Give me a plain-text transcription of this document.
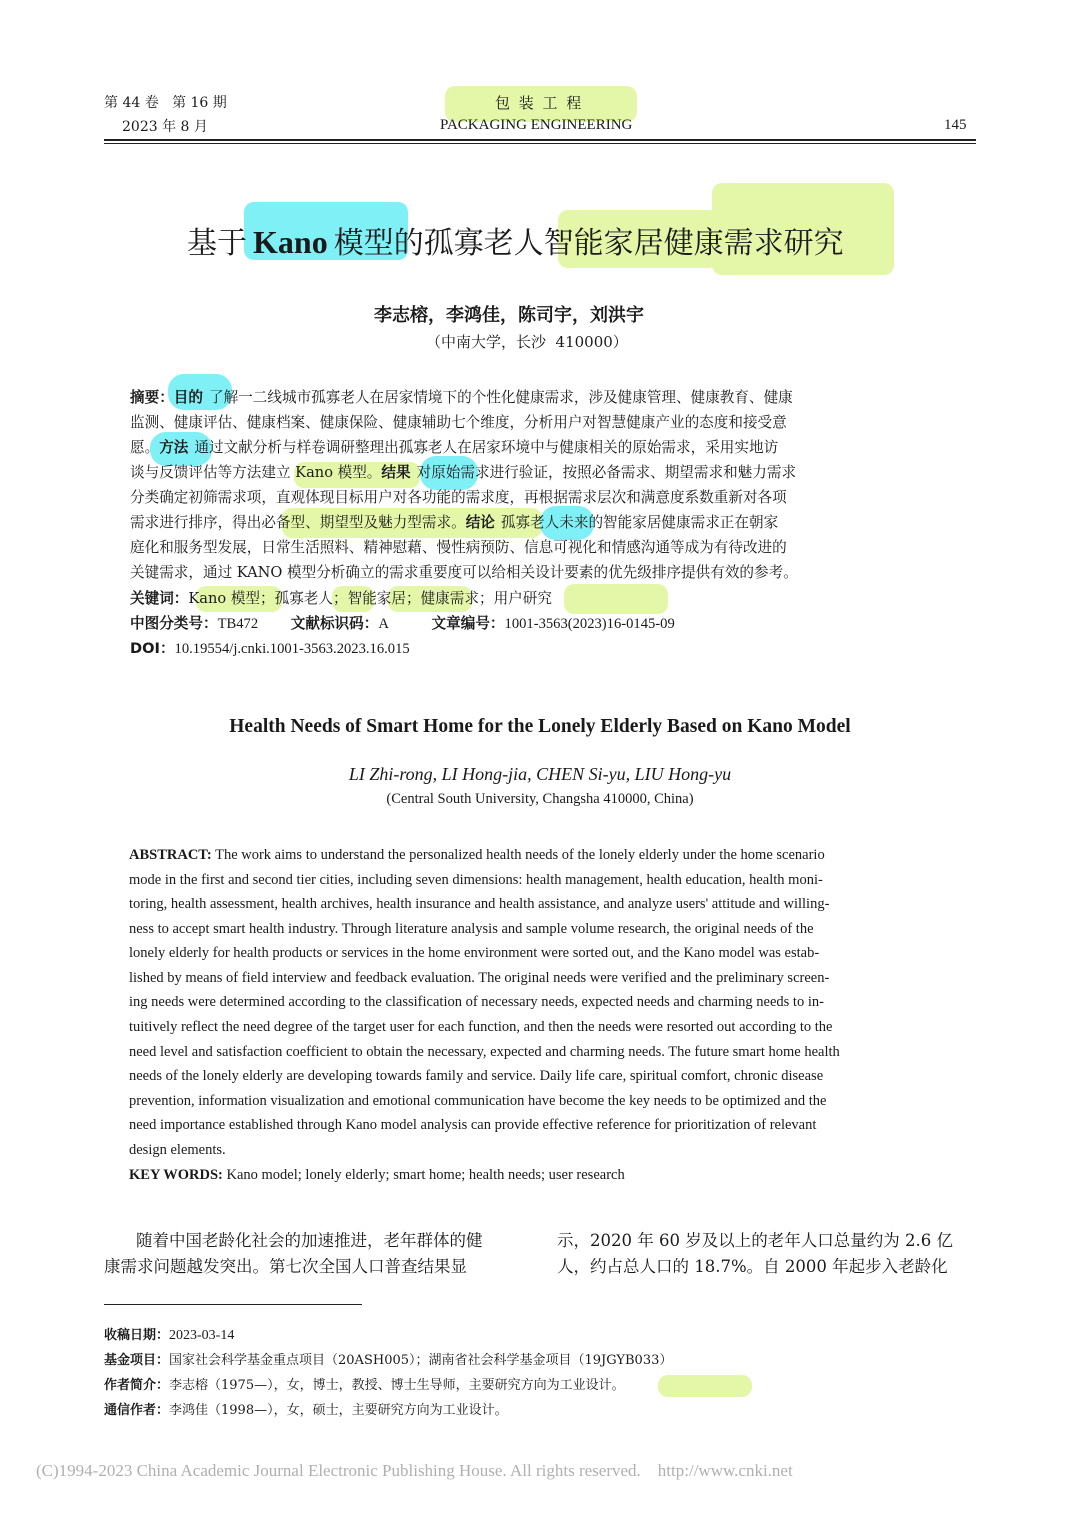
第 44 卷   第 16 期
2023 年 8 月
包 装 工 程
PACKAGING ENGINEERING	145
基于 Kano 模型的孤寡老人智能家居健康需求研究
李志榕，李鸿佳，陈司宇，刘洪宇
（中南大学，长沙  410000）
摘要：目的 了解一二线城市孤寡老人在居家情境下的个性化健康需求，涉及健康管理、健康教育、健康
监测、健康评估、健康档案、健康保险、健康辅助七个维度，分析用户对智慧健康产业的态度和接受意
愿。方法 通过文献分析与样卷调研整理出孤寡老人在居家环境中与健康相关的原始需求，采用实地访
谈与反馈评估等方法建立 Kano 模型。结果 对原始需求进行验证，按照必备需求、期望需求和魅力需求
分类确定初筛需求项，直观体现目标用户对各功能的需求度，再根据需求层次和满意度系数重新对各项
需求进行排序，得出必备型、期望型及魅力型需求。结论 孤寡老人未来的智能家居健康需求正在朝家
庭化和服务型发展，日常生活照料、精神慰藉、慢性病预防、信息可视化和情感沟通等成为有待改进的
关键需求，通过 KANO 模型分析确立的需求重要度可以给相关设计要素的优先级排序提供有效的参考。
关键词：Kano 模型；孤寡老人；智能家居；健康需求；用户研究
中图分类号：TB472 文献标识码：A	文章编号：1001-3563(2023)16-0145-09
DOI：10.19554/j.cnki.1001-3563.2023.16.015
Health Needs of Smart Home for the Lonely Elderly Based on Kano Model
LI Zhi-rong, LI Hong-jia, CHEN Si-yu, LIU Hong-yu
(Central South University, Changsha 410000, China)
ABSTRACT: The work aims to understand the personalized health needs of the lonely elderly under the home scenario
mode in the first and second tier cities, including seven dimensions: health management, health education, health moni-
toring, health assessment, health archives, health insurance and health assistance, and analyze users' attitude and willing-
ness to accept smart health industry. Through literature analysis and sample volume research, the original needs of the
lonely elderly for health products or services in the home environment were sorted out, and the Kano model was estab-
lished by means of field interview and feedback evaluation. The original needs were verified and the preliminary screen-
ing needs were determined according to the classification of necessary needs, expected needs and charming needs to in-
tuitively reflect the need degree of the target user for each function, and then the needs were resorted out according to the
need level and satisfaction coefficient to obtain the necessary, expected and charming needs. The future smart home health
needs of the lonely elderly are developing towards family and service. Daily life care, spiritual comfort, chronic disease
prevention, information visualization and emotional communication have become the key needs to be optimized and the
need importance established through Kano model analysis can provide effective reference for prioritization of relevant
design elements.
KEY WORDS: Kano model; lonely elderly; smart home; health needs; user research
随着中国老龄化社会的加速推进，老年群体的健
康需求问题越发突出。第七次全国人口普查结果显
示，2020 年 60 岁及以上的老年人口总量约为 2.6 亿
人，约占总人口的 18.7%。自 2000 年起步入老龄化
收稿日期：2023-03-14
基金项目：国家社会科学基金重点项目（20ASH005）；湖南省社会科学基金项目（19JGYB033）
作者简介：李志榕（1975—），女，博士，教授、博士生导师，主要研究方向为工业设计。
通信作者：李鸿佳（1998—），女，硕士，主要研究方向为工业设计。
(C)1994-2023 China Academic Journal Electronic Publishing House. All rights reserved.    http://www.cnki.net
